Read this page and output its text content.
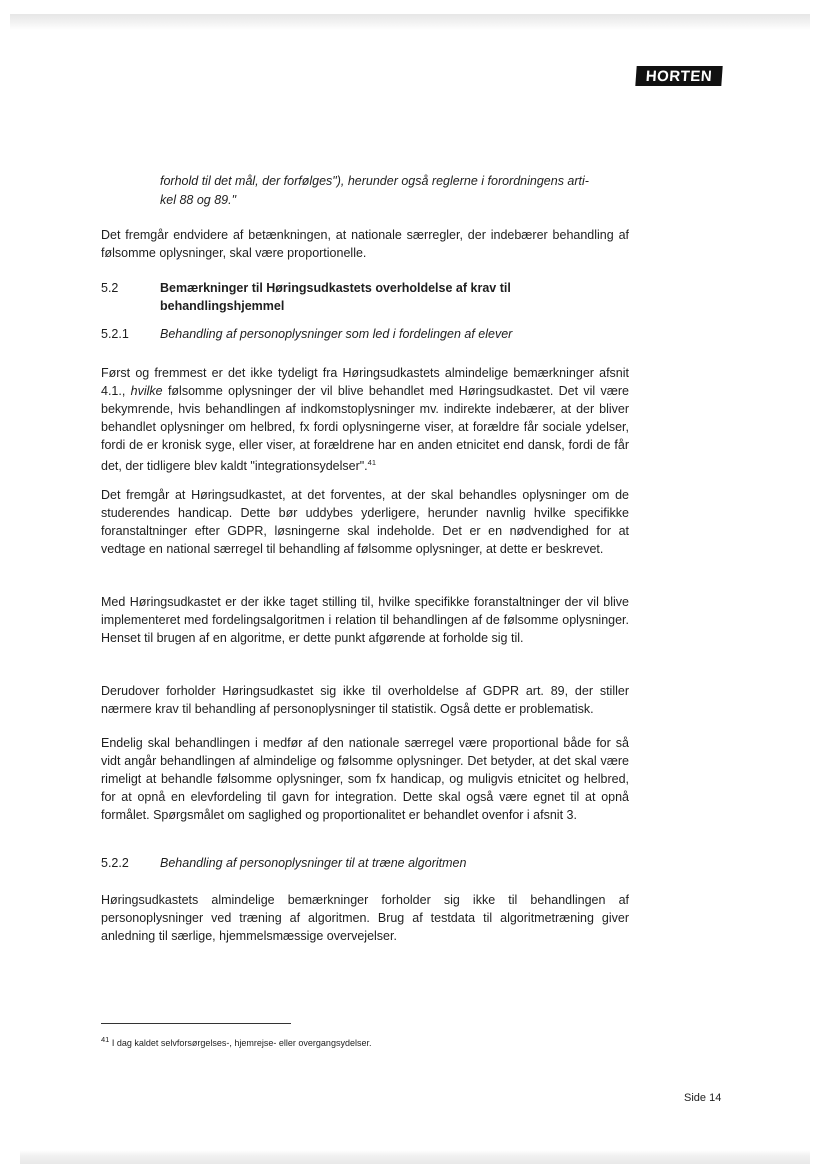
HORTEN
forhold til det mål, der forfølges"), herunder også reglerne i forordningens arti-
kel 88 og 89."

Det fremgår endvidere af betænkningen, at nationale særregler, der indebærer behandling af følsomme oplysninger, skal være proportionelle.

5.2	Bemærkninger til Høringsudkastets overholdelse af krav til behandlingshjemmel
5.2.1	Behandling af personoplysninger som led i fordelingen af elever

Først og fremmest er det ikke tydeligt fra Høringsudkastets almindelige bemærkninger afsnit 4.1., hvilke følsomme oplysninger der vil blive behandlet med Høringsudkastet. Det vil være bekymrende, hvis behandlingen af indkomstoplysninger mv. indirekte indebærer, at der bliver behandlet oplysninger om helbred, fx fordi oplysningerne viser, at forældre får sociale ydelser, fordi de er kronisk syge, eller viser, at forældrene har en anden etnicitet end dansk, fordi de får det, der tidligere blev kaldt "integrationsydelser".$^{41}$

Det fremgår at Høringsudkastet, at det forventes, at der skal behandles oplysninger om de studerendes handicap. Dette bør uddybes yderligere, herunder navnlig hvilke specifikke foranstaltninger efter GDPR, løsningerne skal indeholde. Det er en nødvendighed for at vedtage en national særregel til behandling af følsomme oplysninger, at dette er beskrevet.

Med Høringsudkastet er der ikke taget stilling til, hvilke specifikke foranstaltninger der vil blive implementeret med fordelingsalgoritmen i relation til behandlingen af de følsomme oplysninger. Henset til brugen af en algoritme, er dette punkt afgørende at forholde sig til.

Derudover forholder Høringsudkastet sig ikke til overholdelse af GDPR art. 89, der stiller nærmere krav til behandling af personoplysninger til statistik. Også dette er problematisk.

Endelig skal behandlingen i medfør af den nationale særregel være proportional både for så vidt angår behandlingen af almindelige og følsomme oplysninger. Det betyder, at det skal være rimeligt at behandle følsomme oplysninger, som fx handicap, og muligvis etnicitet og helbred, for at opnå en elevfordeling til gavn for integration. Dette skal også være egnet til at opnå formålet. Spørgsmålet om saglighed og proportionalitet er behandlet ovenfor i afsnit 3.

5.2.2	Behandling af personoplysninger til at træne algoritmen

Høringsudkastets almindelige bemærkninger forholder sig ikke til behandlingen af personoplysninger ved træning af algoritmen. Brug af testdata til algoritmetræning giver anledning til særlige, hjemmelsmæssige overvejelser.

$^{41}$ I dag kaldet selvforsørgelses-, hjemrejse- eller overgangsydelser.

Side 14
